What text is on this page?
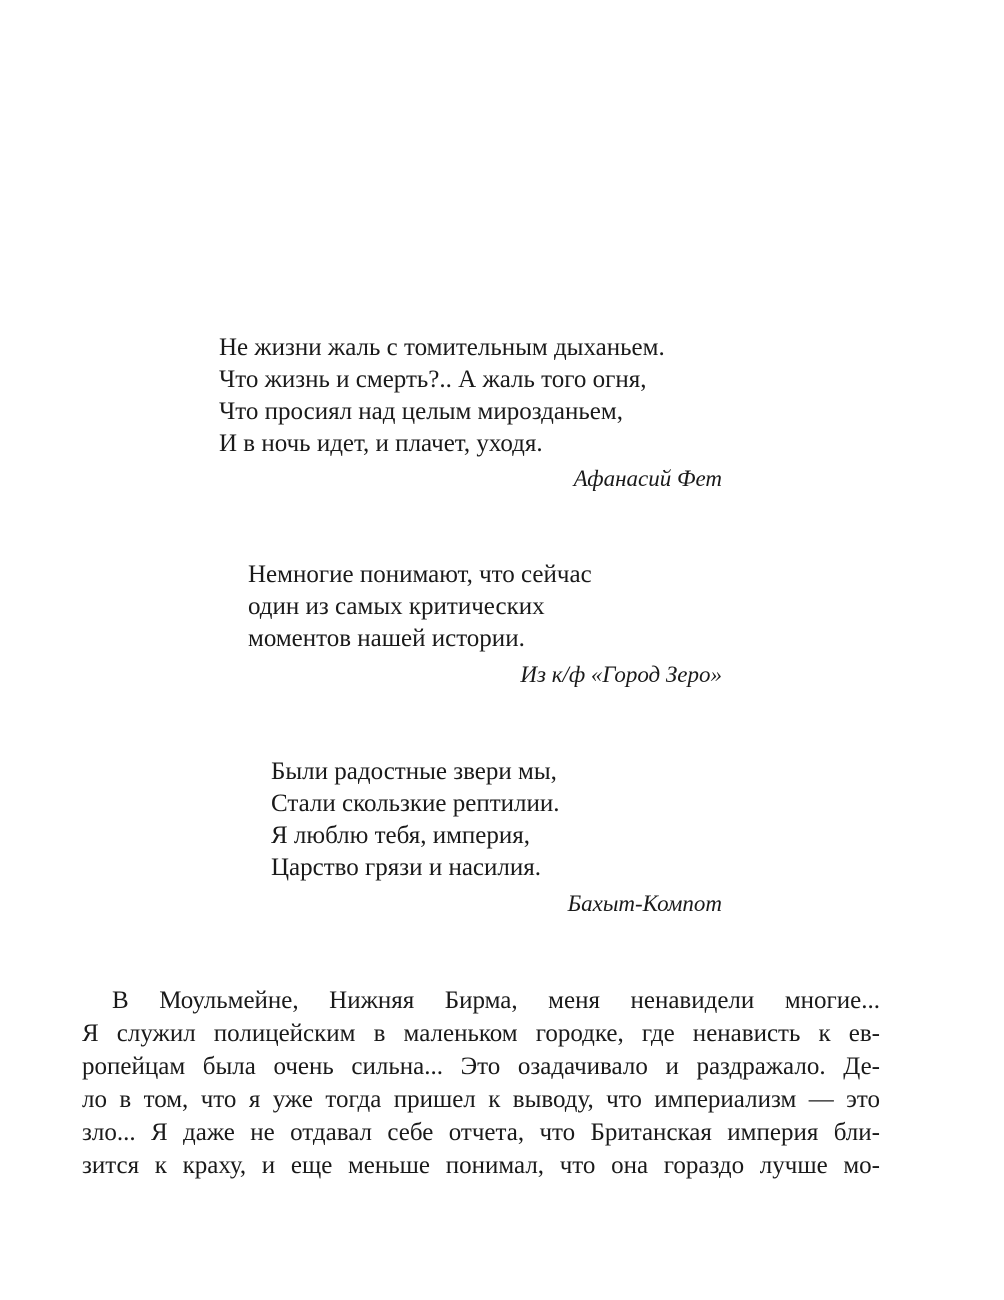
Не жизни жаль с томительным дыханьем.
Что жизнь и смерть?.. А жаль того огня,
Что просиял над целым мирозданьем,
И в ночь идет, и плачет, уходя.
Афанасий Фет
Немногие понимают, что сейчас
один из самых критических
моментов нашей истории.
Из к/ф «Город Зеро»
Были радостные звери мы,
Стали скользкие рептилии.
Я люблю тебя, империя,
Царство грязи и насилия.
Бахыт-Компот
В Моульмейне, Нижняя Бирма, меня ненавидели многие...
Я служил полицейским в маленьком городке, где ненависть к ев-
ропейцам была очень сильна... Это озадачивало и раздражало. Де-
ло в том, что я уже тогда пришел к выводу, что империализм — это
зло... Я даже не отдавал себе отчета, что Британская империя бли-
зится к краху, и еще меньше понимал, что она гораздо лучше мо-
